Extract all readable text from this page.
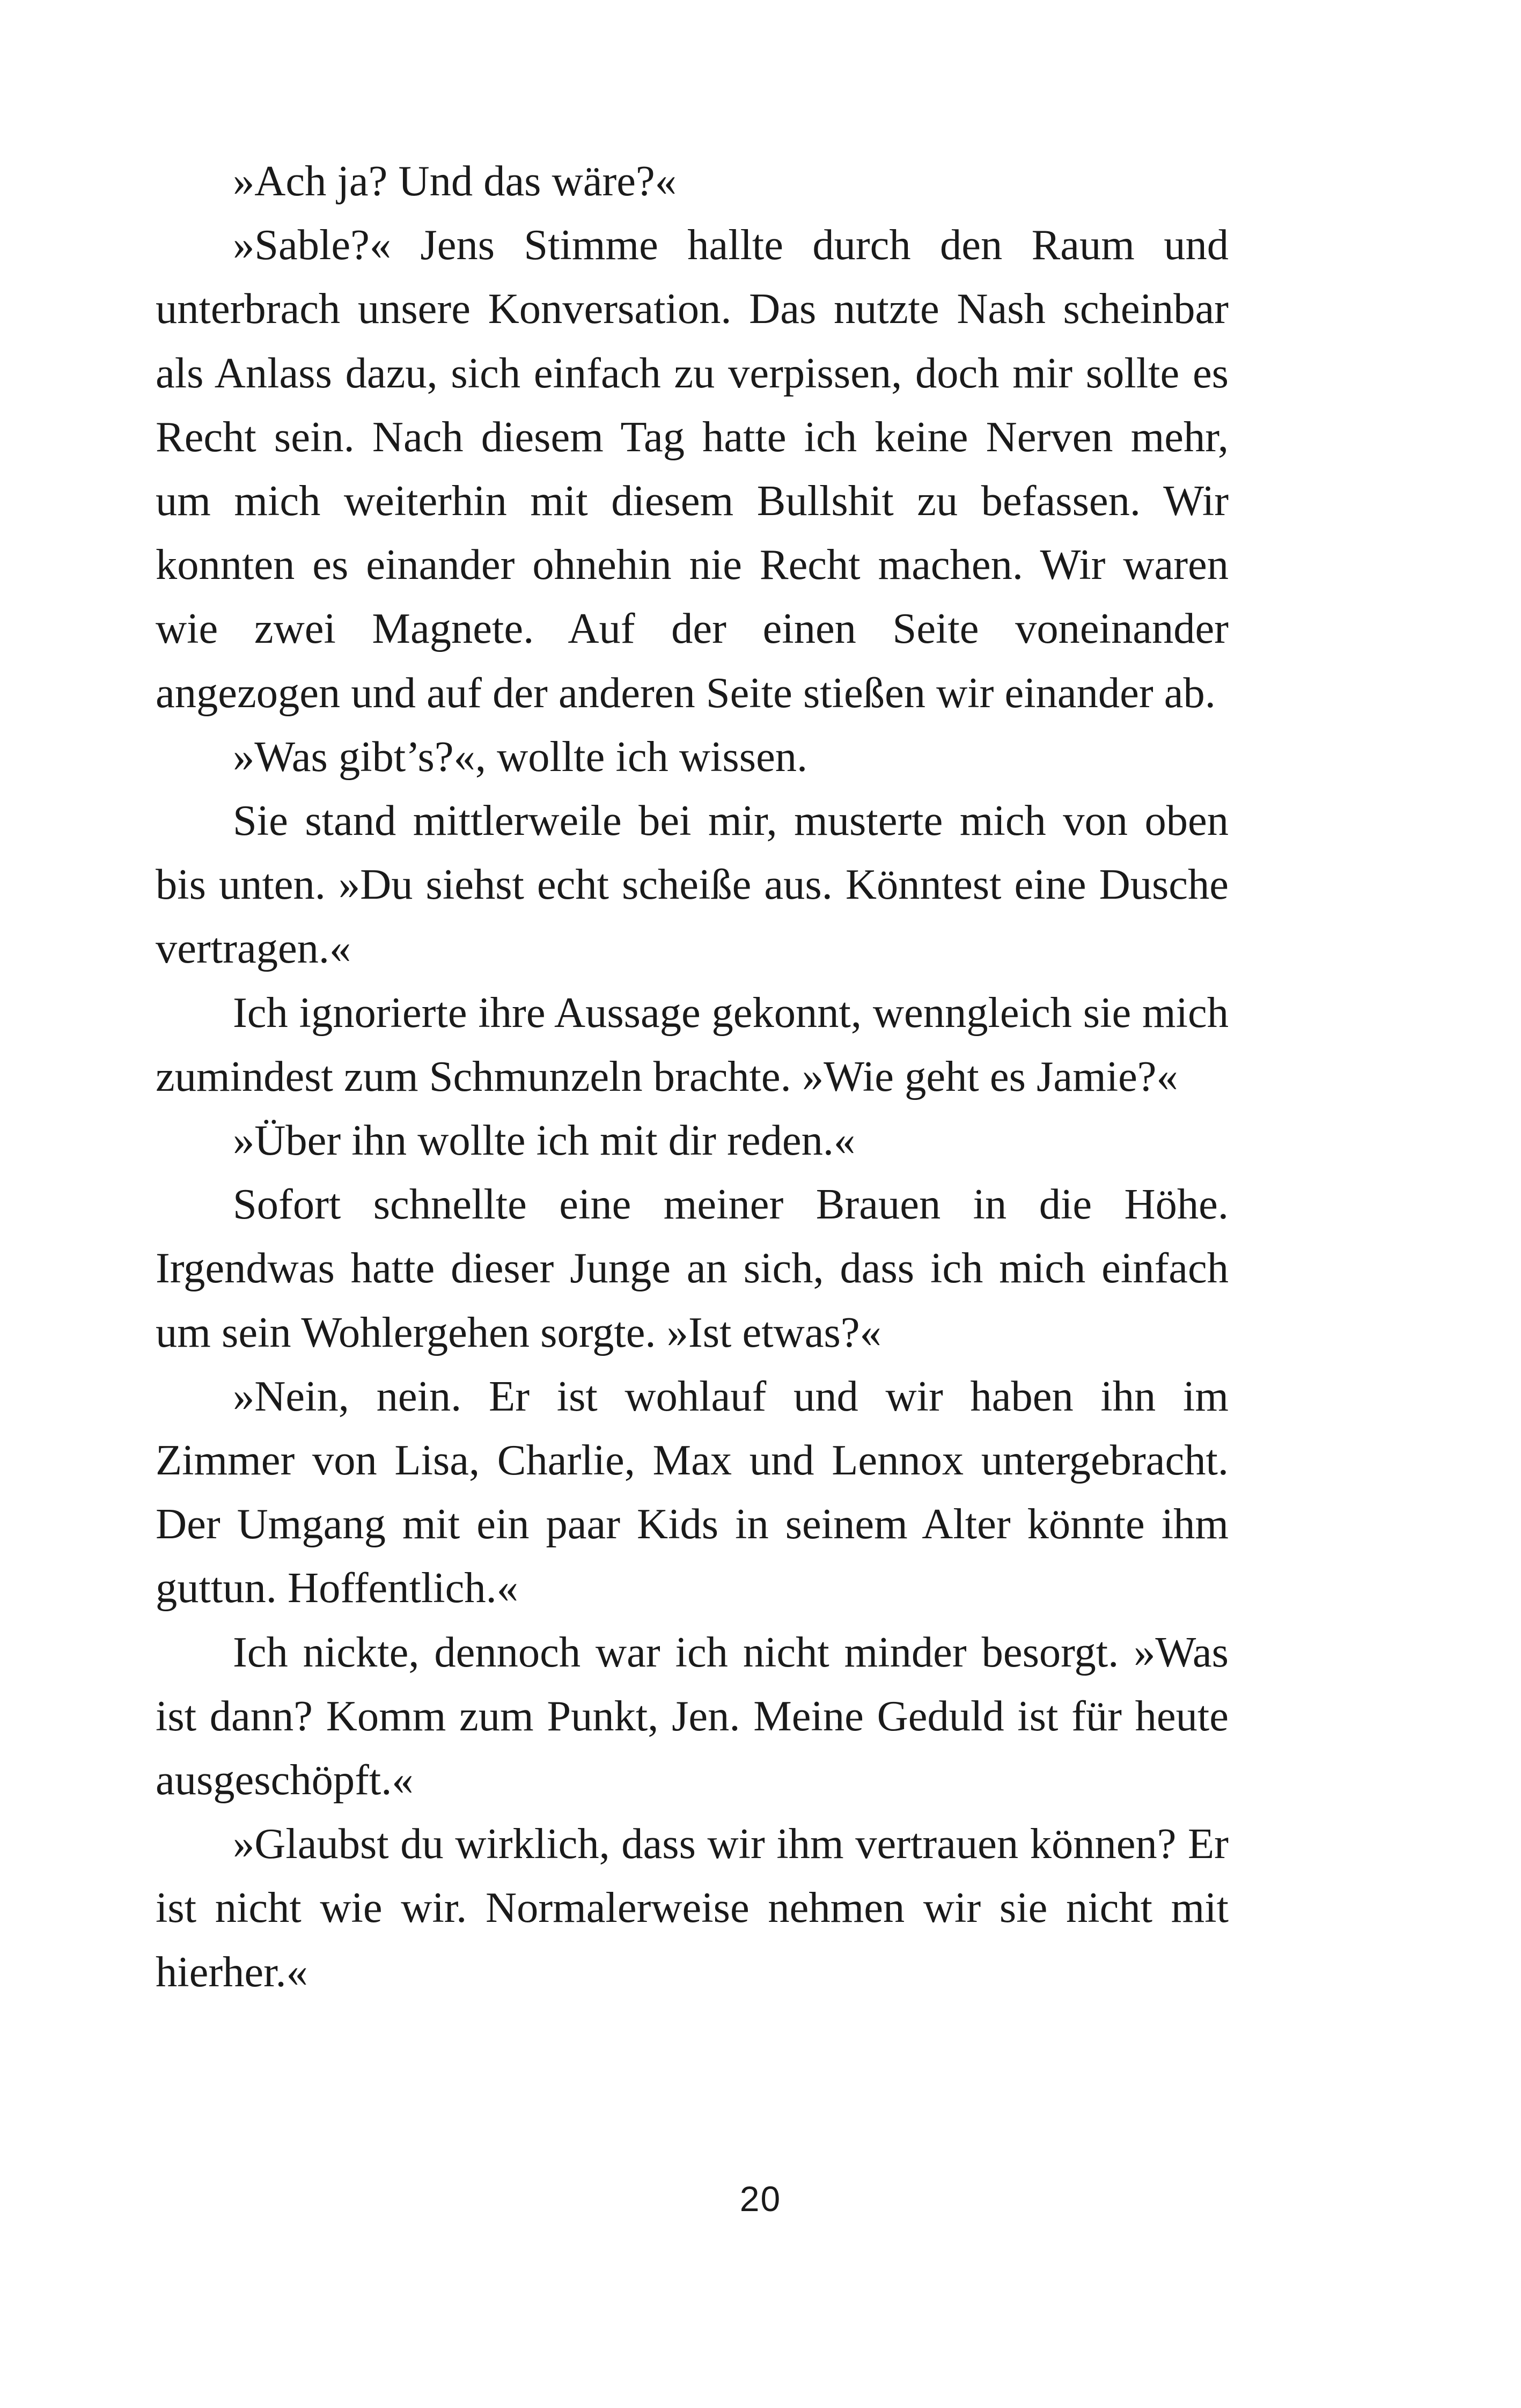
»Ach ja? Und das wäre?«

»Sable?« Jens Stimme hallte durch den Raum und unterbrach unsere Konversation. Das nutzte Nash scheinbar als Anlass dazu, sich einfach zu verpissen, doch mir sollte es Recht sein. Nach diesem Tag hatte ich keine Nerven mehr, um mich weiterhin mit diesem Bullshit zu befassen. Wir konnten es einander ohnehin nie Recht machen. Wir waren wie zwei Magnete. Auf der einen Seite voneinander angezogen und auf der anderen Seite stießen wir einander ab.

»Was gibt’s?«, wollte ich wissen.

Sie stand mittlerweile bei mir, musterte mich von oben bis unten. »Du siehst echt scheiße aus. Könntest eine Dusche vertragen.«

Ich ignorierte ihre Aussage gekonnt, wenngleich sie mich zumindest zum Schmunzeln brachte. »Wie geht es Jamie?«

»Über ihn wollte ich mit dir reden.«

Sofort schnellte eine meiner Brauen in die Höhe. Irgendwas hatte dieser Junge an sich, dass ich mich einfach um sein Wohlergehen sorgte. »Ist etwas?«

»Nein, nein. Er ist wohlauf und wir haben ihn im Zimmer von Lisa, Charlie, Max und Lennox untergebracht. Der Umgang mit ein paar Kids in seinem Alter könnte ihm guttun. Hoffentlich.«

Ich nickte, dennoch war ich nicht minder besorgt. »Was ist dann? Komm zum Punkt, Jen. Meine Geduld ist für heute ausgeschöpft.«

»Glaubst du wirklich, dass wir ihm vertrauen können? Er ist nicht wie wir. Normalerweise nehmen wir sie nicht mit hierher.«

20
